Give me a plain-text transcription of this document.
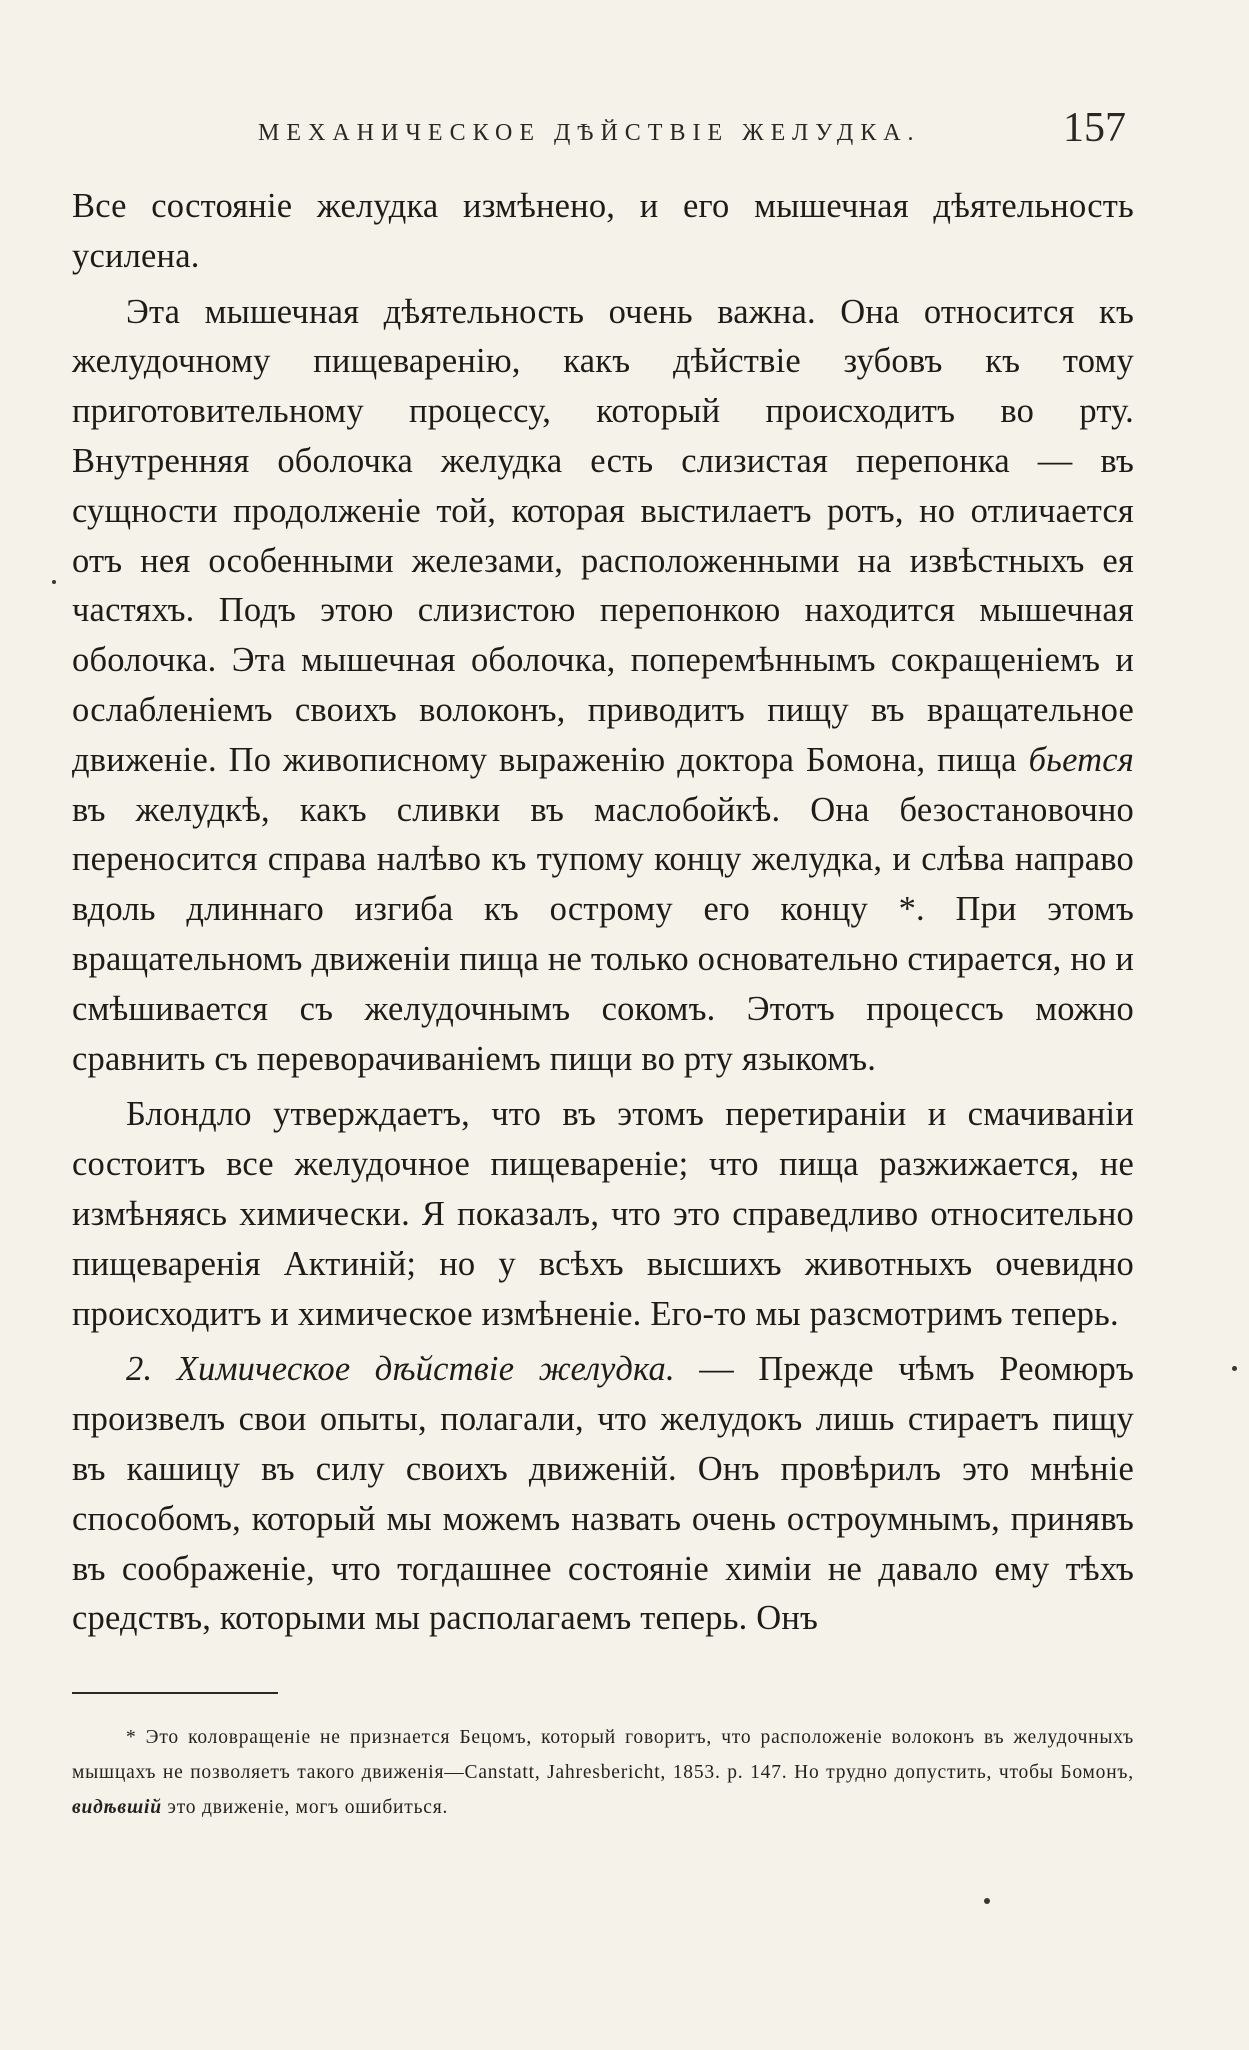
МЕХАНИЧЕСКОЕ ДѢЙСТВІЕ ЖЕЛУДКА.	157

Все состояніе желудка измѣнено, и его мышечная дѣятельность усилена.

Эта мышечная дѣятельность очень важна. Она относится къ желудочному пищеваренію, какъ дѣйствіе зубовъ къ тому приготовительному процессу, который происходитъ во рту. Внутренняя оболочка желудка есть слизистая перепонка — въ сущности продолженіе той, которая выстилаетъ ротъ, но отличается отъ нея особенными железами, расположенными на извѣстныхъ ея частяхъ. Подъ этою слизистою перепонкою находится мышечная оболочка. Эта мышечная оболочка, поперемѣннымъ сокращеніемъ и ослабленіемъ своихъ волоконъ, приводитъ пищу въ вращательное движеніе. По живописному выраженію доктора Бомона, пища бьется въ желудкѣ, какъ сливки въ маслобойкѣ. Она безостановочно переносится справа налѣво къ тупому концу желудка, и слѣва направо вдоль длиннаго изгиба къ острому его концу *. При этомъ вращательномъ движеніи пища не только основательно стирается, но и смѣшивается съ желудочнымъ сокомъ. Этотъ процессъ можно сравнить съ переворачиваніемъ пищи во рту языкомъ.

Блондло утверждаетъ, что въ этомъ перетираніи и смачиваніи состоитъ все желудочное пищевареніе; что пища разжижается, не измѣняясь химически. Я показалъ, что это справедливо относительно пищеваренія Актиній; но у всѣхъ высшихъ животныхъ очевидно происходитъ и химическое измѣненіе. Его-то мы разсмотримъ теперь.

2. Химическое дѣйствіе желудка. — Прежде чѣмъ Реомюръ произвелъ свои опыты, полагали, что желудокъ лишь стираетъ пищу въ кашицу въ силу своихъ движеній. Онъ провѣрилъ это мнѣніе способомъ, который мы можемъ назвать очень остроумнымъ, принявъ въ соображеніе, что тогдашнее состояніе химіи не давало ему тѣхъ средствъ, которыми мы располагаемъ теперь. Онъ

* Это коловращеніе не признается Бецомъ, который говоритъ, что расположеніе волоконъ въ желудочныхъ мышцахъ не позволяетъ такого движенія—Canstatt, Jahresbericht, 1853. p. 147. Но трудно допустить, чтобы Бомонъ, видѣвшій это движеніе, могъ ошибиться.
